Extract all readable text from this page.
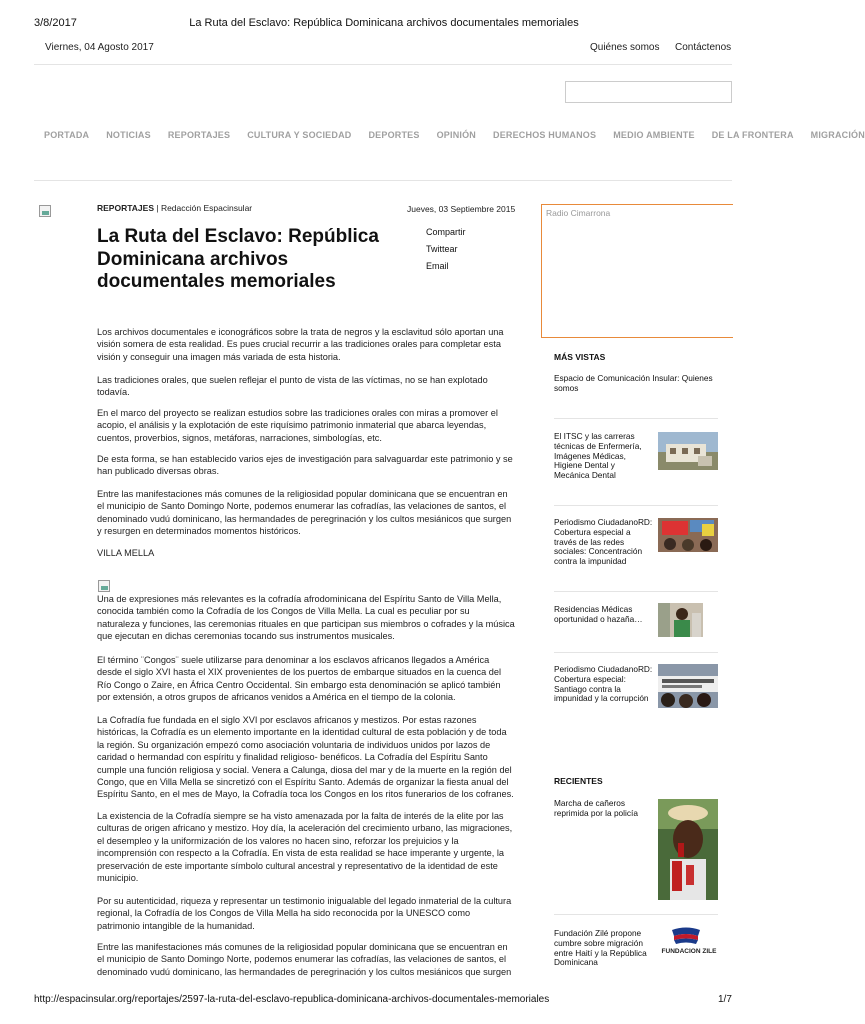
3/8/2017	La Ruta del Esclavo: República Dominicana archivos documentales memoriales
Viernes, 04 Agosto 2017	Quiénes somos Contáctenos
PORTADA NOTICIAS REPORTAJES CULTURA Y SOCIEDAD DEPORTES OPINIÓN DERECHOS HUMANOS MEDIO AMBIENTE DE LA FRONTERA MIGRACIÓN
REPORTAJES | Redacción Espacinsular	Jueves, 03 Septiembre 2015
La Ruta del Esclavo: República Dominicana archivos documentales memoriales
Compartir
Twittear
Email

Los archivos documentales e iconográficos sobre la trata de negros y la esclavitud sólo aportan una visión somera de esta realidad. Es pues crucial recurrir a las tradiciones orales para completar esta visión y conseguir una imagen más variada de esta historia.

Las tradiciones orales, que suelen reflejar el punto de vista de las víctimas, no se han explotado todavía.

En el marco del proyecto se realizan estudios sobre las tradiciones orales con miras a promover el acopio, el análisis y la explotación de este riquísimo patrimonio inmaterial que abarca leyendas, cuentos, proverbios, signos, metáforas, narraciones, simbologías, etc.

De esta forma, se han establecido varios ejes de investigación para salvaguardar este patrimonio y se han publicado diversas obras.

Entre las manifestaciones más comunes de la religiosidad popular dominicana que se encuentran en el municipio de Santo Domingo Norte, podemos enumerar las cofradías, las velaciones de santos, el denominado vudú dominicano, las hermandades de peregrinación y los cultos mesiánicos que surgen y resurgen en determinados momentos históricos.

VILLA MELLA

Una de expresiones más relevantes es la cofradía afrodominicana del Espíritu Santo de Villa Mella, conocida también como la Cofradía de los Congos de Villa Mella. La cual es peculiar por su naturaleza y funciones, las ceremonias rituales en que participan sus miembros o cofrades y la música que ejecutan en dichas ceremonias tocando sus instrumentos musicales.

El término ¨Congos¨ suele utilizarse para denominar a los esclavos africanos llegados a América desde el siglo XVI hasta el XIX provenientes de los puertos de embarque situados en la cuenca del Río Congo o Zaire, en África Centro Occidental. Sin embargo esta denominación se aplicó también por extensión, a otros grupos de africanos venidos a América en el tiempo de la colonia.

La Cofradía fue fundada en el siglo XVI por esclavos africanos y mestizos. Por estas razones históricas, la Cofradía es un elemento importante en la identidad cultural de esta población y de toda la región. Su organización empezó como asociación voluntaria de individuos unidos por lazos de caridad o hermandad con espíritu y finalidad religioso- benéficos. La Cofradía del Espíritu Santo cumple una función religiosa y social. Venera a Calunga, diosa del mar y de la muerte en la región del Congo, que en Villa Mella se sincretizó con el Espíritu Santo. Además de organizar la fiesta anual del Espíritu Santo, en el mes de Mayo, la Cofradía toca los Congos en los ritos funerarios de los cofranes.

La existencia de la Cofradía siempre se ha visto amenazada por la falta de interés de la elite por las culturas de origen africano y mestizo. Hoy día, la aceleración del crecimiento urbano, las migraciones, el desempleo y la uniformización de los valores no hacen sino, reforzar los prejuicios y la incomprensión con respecto a la Cofradía. En vista de esta realidad se hace imperante y urgente, la preservación de este importante símbolo cultural ancestral y representativo de la identidad de este municipio.

Por su autenticidad, riqueza y representar un testimonio inigualable del legado inmaterial de la cultura regional, la Cofradía de los Congos de Villa Mella ha sido reconocida por la UNESCO como patrimonio intangible de la humanidad.

Entre las manifestaciones más comunes de la religiosidad popular dominicana que se encuentran en el municipio de Santo Domingo Norte, podemos enumerar las cofradías, las velaciones de santos, el denominado vudú dominicano, las hermandades de peregrinación y los cultos mesiánicos que surgen

Radio Cimarrona
MÁS VISTAS
Espacio de Comunicación Insular: Quienes somos
El ITSC y las carreras técnicas de Enfermería, Imágenes Médicas, Higiene Dental y Mecánica Dental
Periodismo CiudadanoRD: Cobertura especial a través de las redes sociales: Concentración contra la impunidad
Residencias Médicas oportunidad o hazaña…
Periodismo CiudadanoRD: Cobertura especial: Santiago contra la impunidad y la corrupción
RECIENTES
Marcha de cañeros reprimida por la policía
Fundación Zilé propone cumbre sobre migración entre Haití y la República Dominicana
FUNDACION ZILE
http://espacinsular.org/reportajes/2597-la-ruta-del-esclavo-republica-dominicana-archivos-documentales-memoriales	1/7
